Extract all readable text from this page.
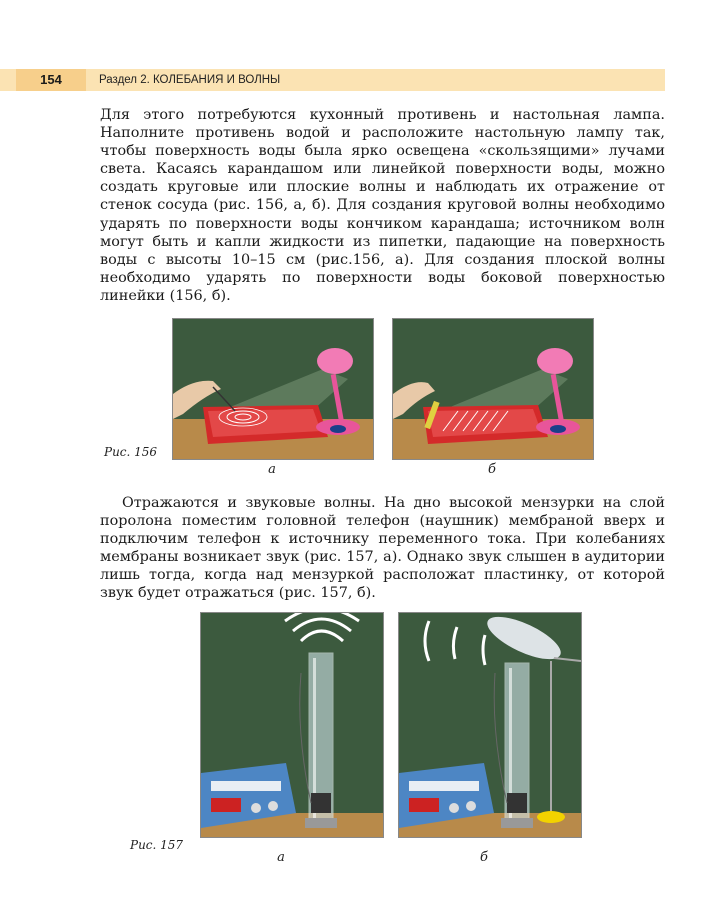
154	Раздел 2. КОЛЕБАНИЯ И ВОЛНЫ
Для этого потребуются кухонный противень и настольная лампа. Наполните противень водой и расположите настольную лампу так, чтобы поверхность воды была ярко освещена «скользящими» лучами света. Касаясь карандашом или линейкой поверхности воды, можно создать круговые или плоские волны и наблюдать их отражение от стенок сосуда (рис. 156, а, б). Для создания круговой волны необходимо ударять по поверхности воды кончиком карандаша; источником волн могут быть и капли жидкости из пипетки, падающие на поверхность воды с высоты 10–15 см (рис.156, а). Для создания плоской волны необходимо ударять по поверхности воды боковой поверхностью линейки (156, б).
Рис. 156
а	б
Отражаются и звуковые волны. На дно высокой мензурки на слой поролона поместим головной телефон (наушник) мембраной вверх и подключим телефон к источнику переменного тока. При колебаниях мембраны возникает звук (рис. 157, а). Однако звук слышен в аудитории лишь тогда, когда над мензуркой расположат пластинку, от которой звук будет отражаться (рис. 157, б).
Рис. 157
а	б
